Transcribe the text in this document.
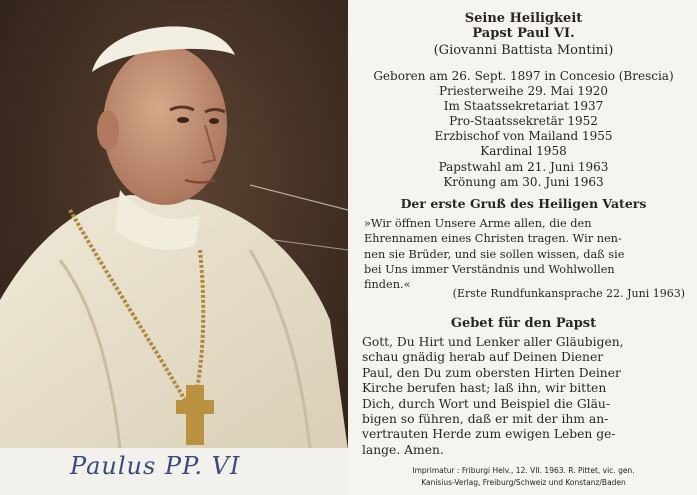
Paulus PP. VI
Seine Heiligkeit
Papst Paul VI.
(Giovanni Battista Montini)
Geboren am 26. Sept. 1897 in Concesio (Brescia)
Priesterweihe 29. Mai 1920
Im Staatssekretariat 1937
Pro-Staatssekretär 1952
Erzbischof von Mailand 1955
Kardinal 1958
Papstwahl am 21. Juni 1963
Krönung am 30. Juni 1963
Der erste Gruß des Heiligen Vaters
»Wir öffnen Unsere Arme allen, die den
Ehrennamen eines Christen tragen. Wir nen-
nen sie Brüder, und sie sollen wissen, daß sie
bei Uns immer Verständnis und Wohlwollen
finden.«
(Erste Rundfunkansprache 22. Juni 1963)
Gebet für den Papst
Gott, Du Hirt und Lenker aller Gläubigen,
schau gnädig herab auf Deinen Diener
Paul, den Du zum obersten Hirten Deiner
Kirche berufen hast; laß ihn, wir bitten
Dich, durch Wort und Beispiel die Gläu-
bigen so führen, daß er mit der ihm an-
vertrauten Herde zum ewigen Leben ge-
lange. Amen.
Imprimatur : Friburgi Helv., 12. VII. 1963. R. Pittet, vic. gen.
Kanisius-Verlag, Freiburg/Schweiz und Konstanz/Baden
